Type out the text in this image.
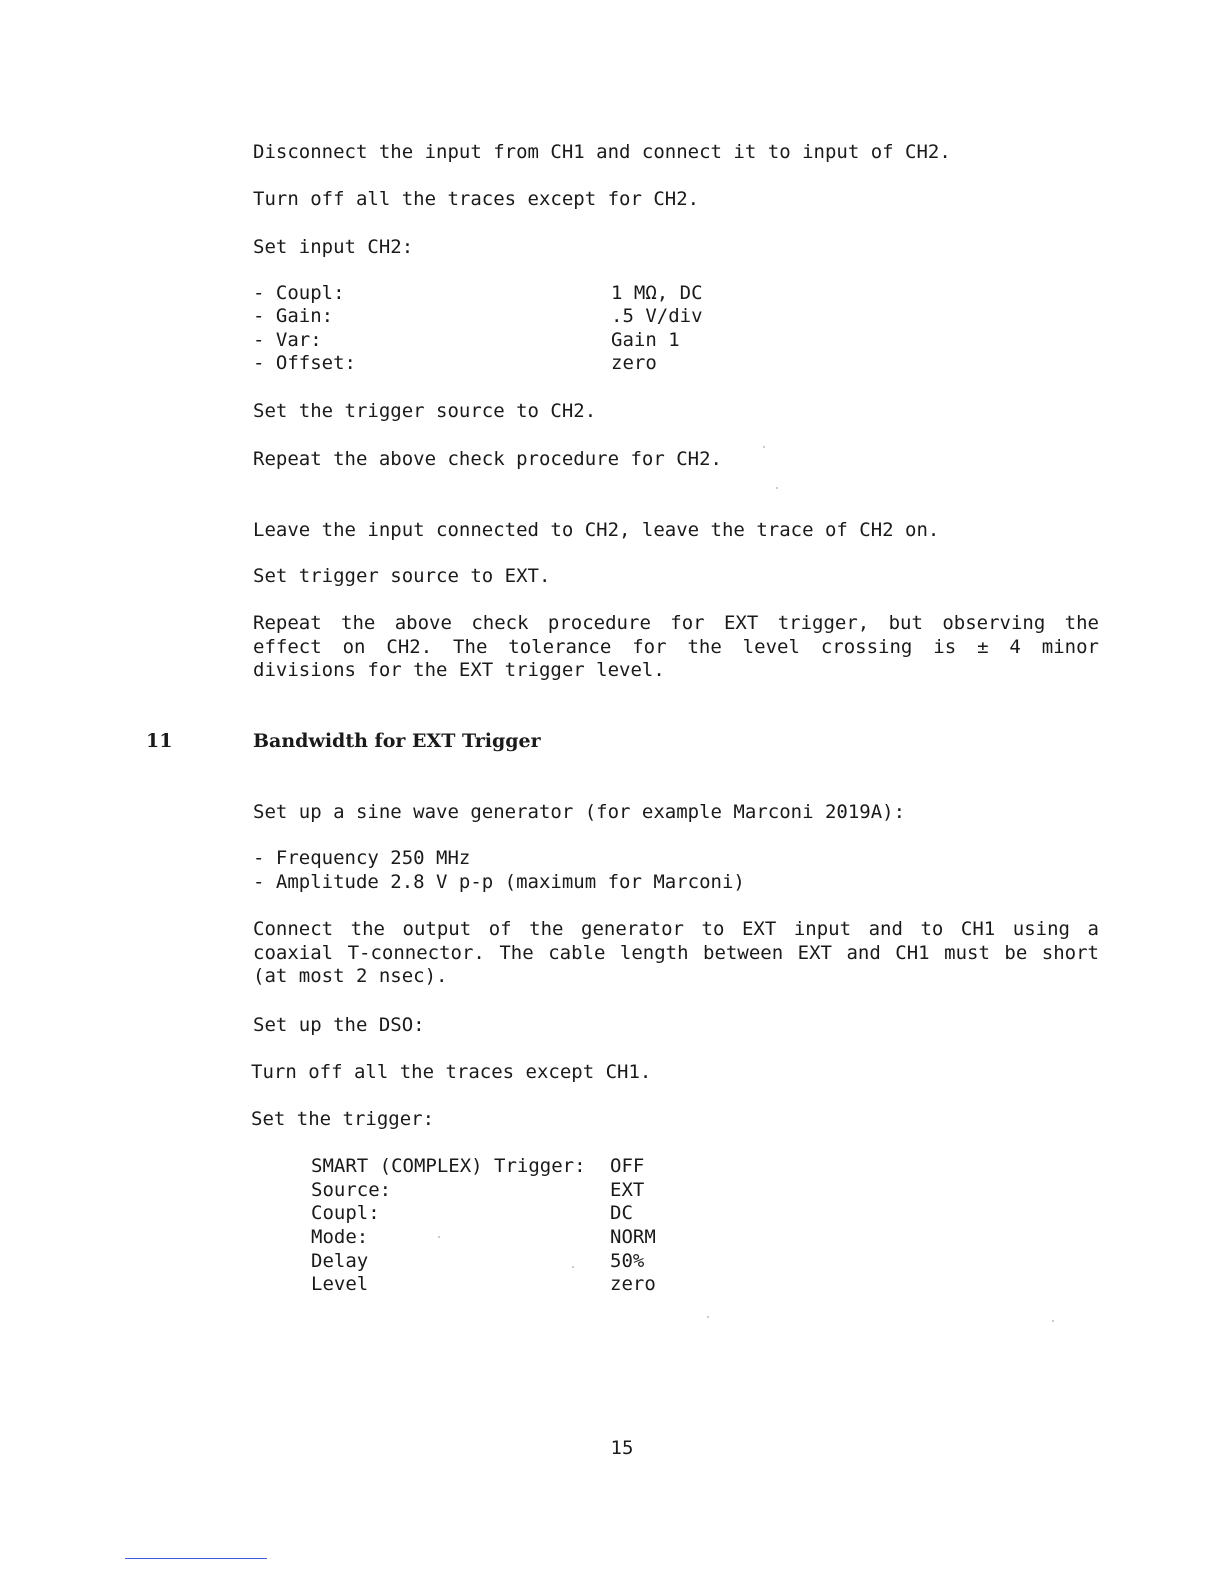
Disconnect the input from CH1 and connect it to input of CH2.
Turn off all the traces except for CH2.
Set input CH2:
- Coupl:	1 MΩ, DC
- Gain:	.5 V/div
- Var:	Gain 1
- Offset:	zero
Set the trigger source to CH2.
Repeat the above check procedure for CH2.
Leave the input connected to CH2, leave the trace of CH2 on.
Set trigger source to EXT.
Repeat the above check procedure for EXT trigger, but observing the effect on CH2. The tolerance for the level crossing is ± 4 minor divisions for the EXT trigger level.
11	Bandwidth for EXT Trigger
Set up a sine wave generator (for example Marconi 2019A):
- Frequency 250 MHz
- Amplitude 2.8 V p-p (maximum for Marconi)
Connect the output of the generator to EXT input and to CH1 using a coaxial T-connector. The cable length between EXT and CH1 must be short (at most 2 nsec).
Set up the DSO:
Turn off all the traces except CH1.
Set the trigger:
SMART (COMPLEX) Trigger: OFF
Source:	EXT
Coupl:	DC
Mode:	NORM
Delay	50%
Level	zero
15
